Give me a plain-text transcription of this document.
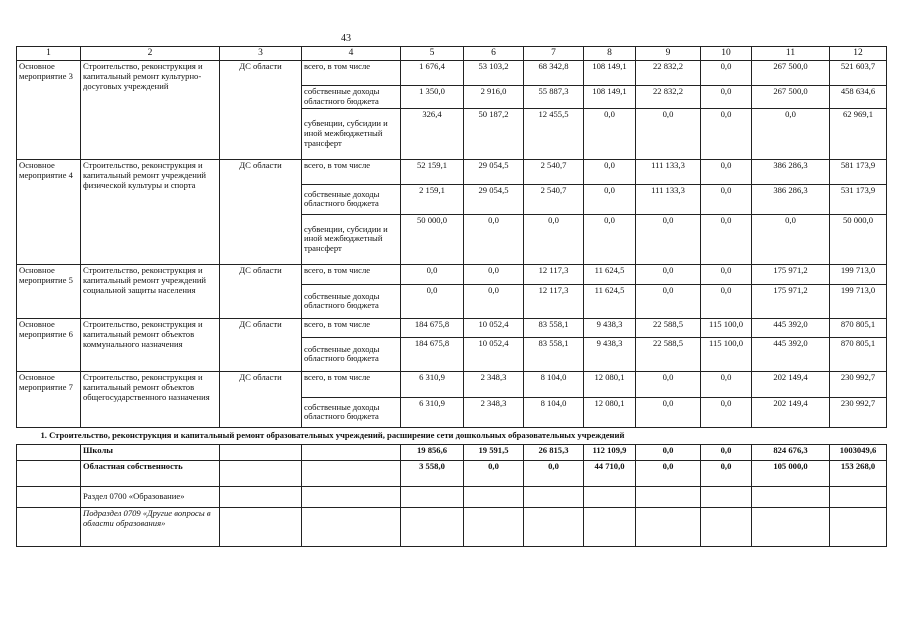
43
1	2	3	4	5	6	7	8	9	10	11	12
Основное мероприятие 3	Строительство, реконструкция и капитальный ремонт культурно-досуговых учреждений	ДС области	всего, в том числе	1 676,4	53 103,2	68 342,8	108 149,1	22 832,2	0,0	267 500,0	521 603,7
			собственные доходы областного бюджета	1 350,0	2 916,0	55 887,3	108 149,1	22 832,2	0,0	267 500,0	458 634,6
			субвенции, субсидии и иной межбюджетный трансферт	326,4	50 187,2	12 455,5	0,0	0,0	0,0	0,0	62 969,1
Основное мероприятие 4	Строительство, реконструкция и капитальный ремонт учреждений физической культуры и спорта	ДС области	всего, в том числе	52 159,1	29 054,5	2 540,7	0,0	111 133,3	0,0	386 286,3	581 173,9
			собственные доходы областного бюджета	2 159,1	29 054,5	2 540,7	0,0	111 133,3	0,0	386 286,3	531 173,9
			субвенции, субсидии и иной межбюджетный трансферт	50 000,0	0,0	0,0	0,0	0,0	0,0	0,0	50 000,0
Основное мероприятие 5	Строительство, реконструкция и капитальный ремонт учреждений социальной защиты населения	ДС области	всего, в том числе	0,0	0,0	12 117,3	11 624,5	0,0	0,0	175 971,2	199 713,0
			собственные доходы областного бюджета	0,0	0,0	12 117,3	11 624,5	0,0	0,0	175 971,2	199 713,0
Основное мероприятие 6	Строительство, реконструкция и капитальный ремонт объектов коммунального назначения	ДС области	всего, в том числе	184 675,8	10 052,4	83 558,1	9 438,3	22 588,5	115 100,0	445 392,0	870 805,1
			собственные доходы областного бюджета	184 675,8	10 052,4	83 558,1	9 438,3	22 588,5	115 100,0	445 392,0	870 805,1
Основное мероприятие 7	Строительство, реконструкция и капитальный ремонт объектов общегосударственного назначения	ДС области	всего, в том числе	6 310,9	2 348,3	8 104,0	12 080,1	0,0	0,0	202 149,4	230 992,7
			собственные доходы областного бюджета	6 310,9	2 348,3	8 104,0	12 080,1	0,0	0,0	202 149,4	230 992,7
1. Строительство, реконструкция и капитальный ремонт образовательных учреждений, расширение сети дошкольных образовательных учреждений											
	Школы			19 856,6	19 591,5	26 815,3	112 109,9	0,0	0,0	824 676,3	1003049,6
	Областная собственность			3 558,0	0,0	0,0	44 710,0	0,0	0,0	105 000,0	153 268,0
	Раздел 0700 «Образование»										
	Подраздел 0709 «Другие вопросы в области образования»										
